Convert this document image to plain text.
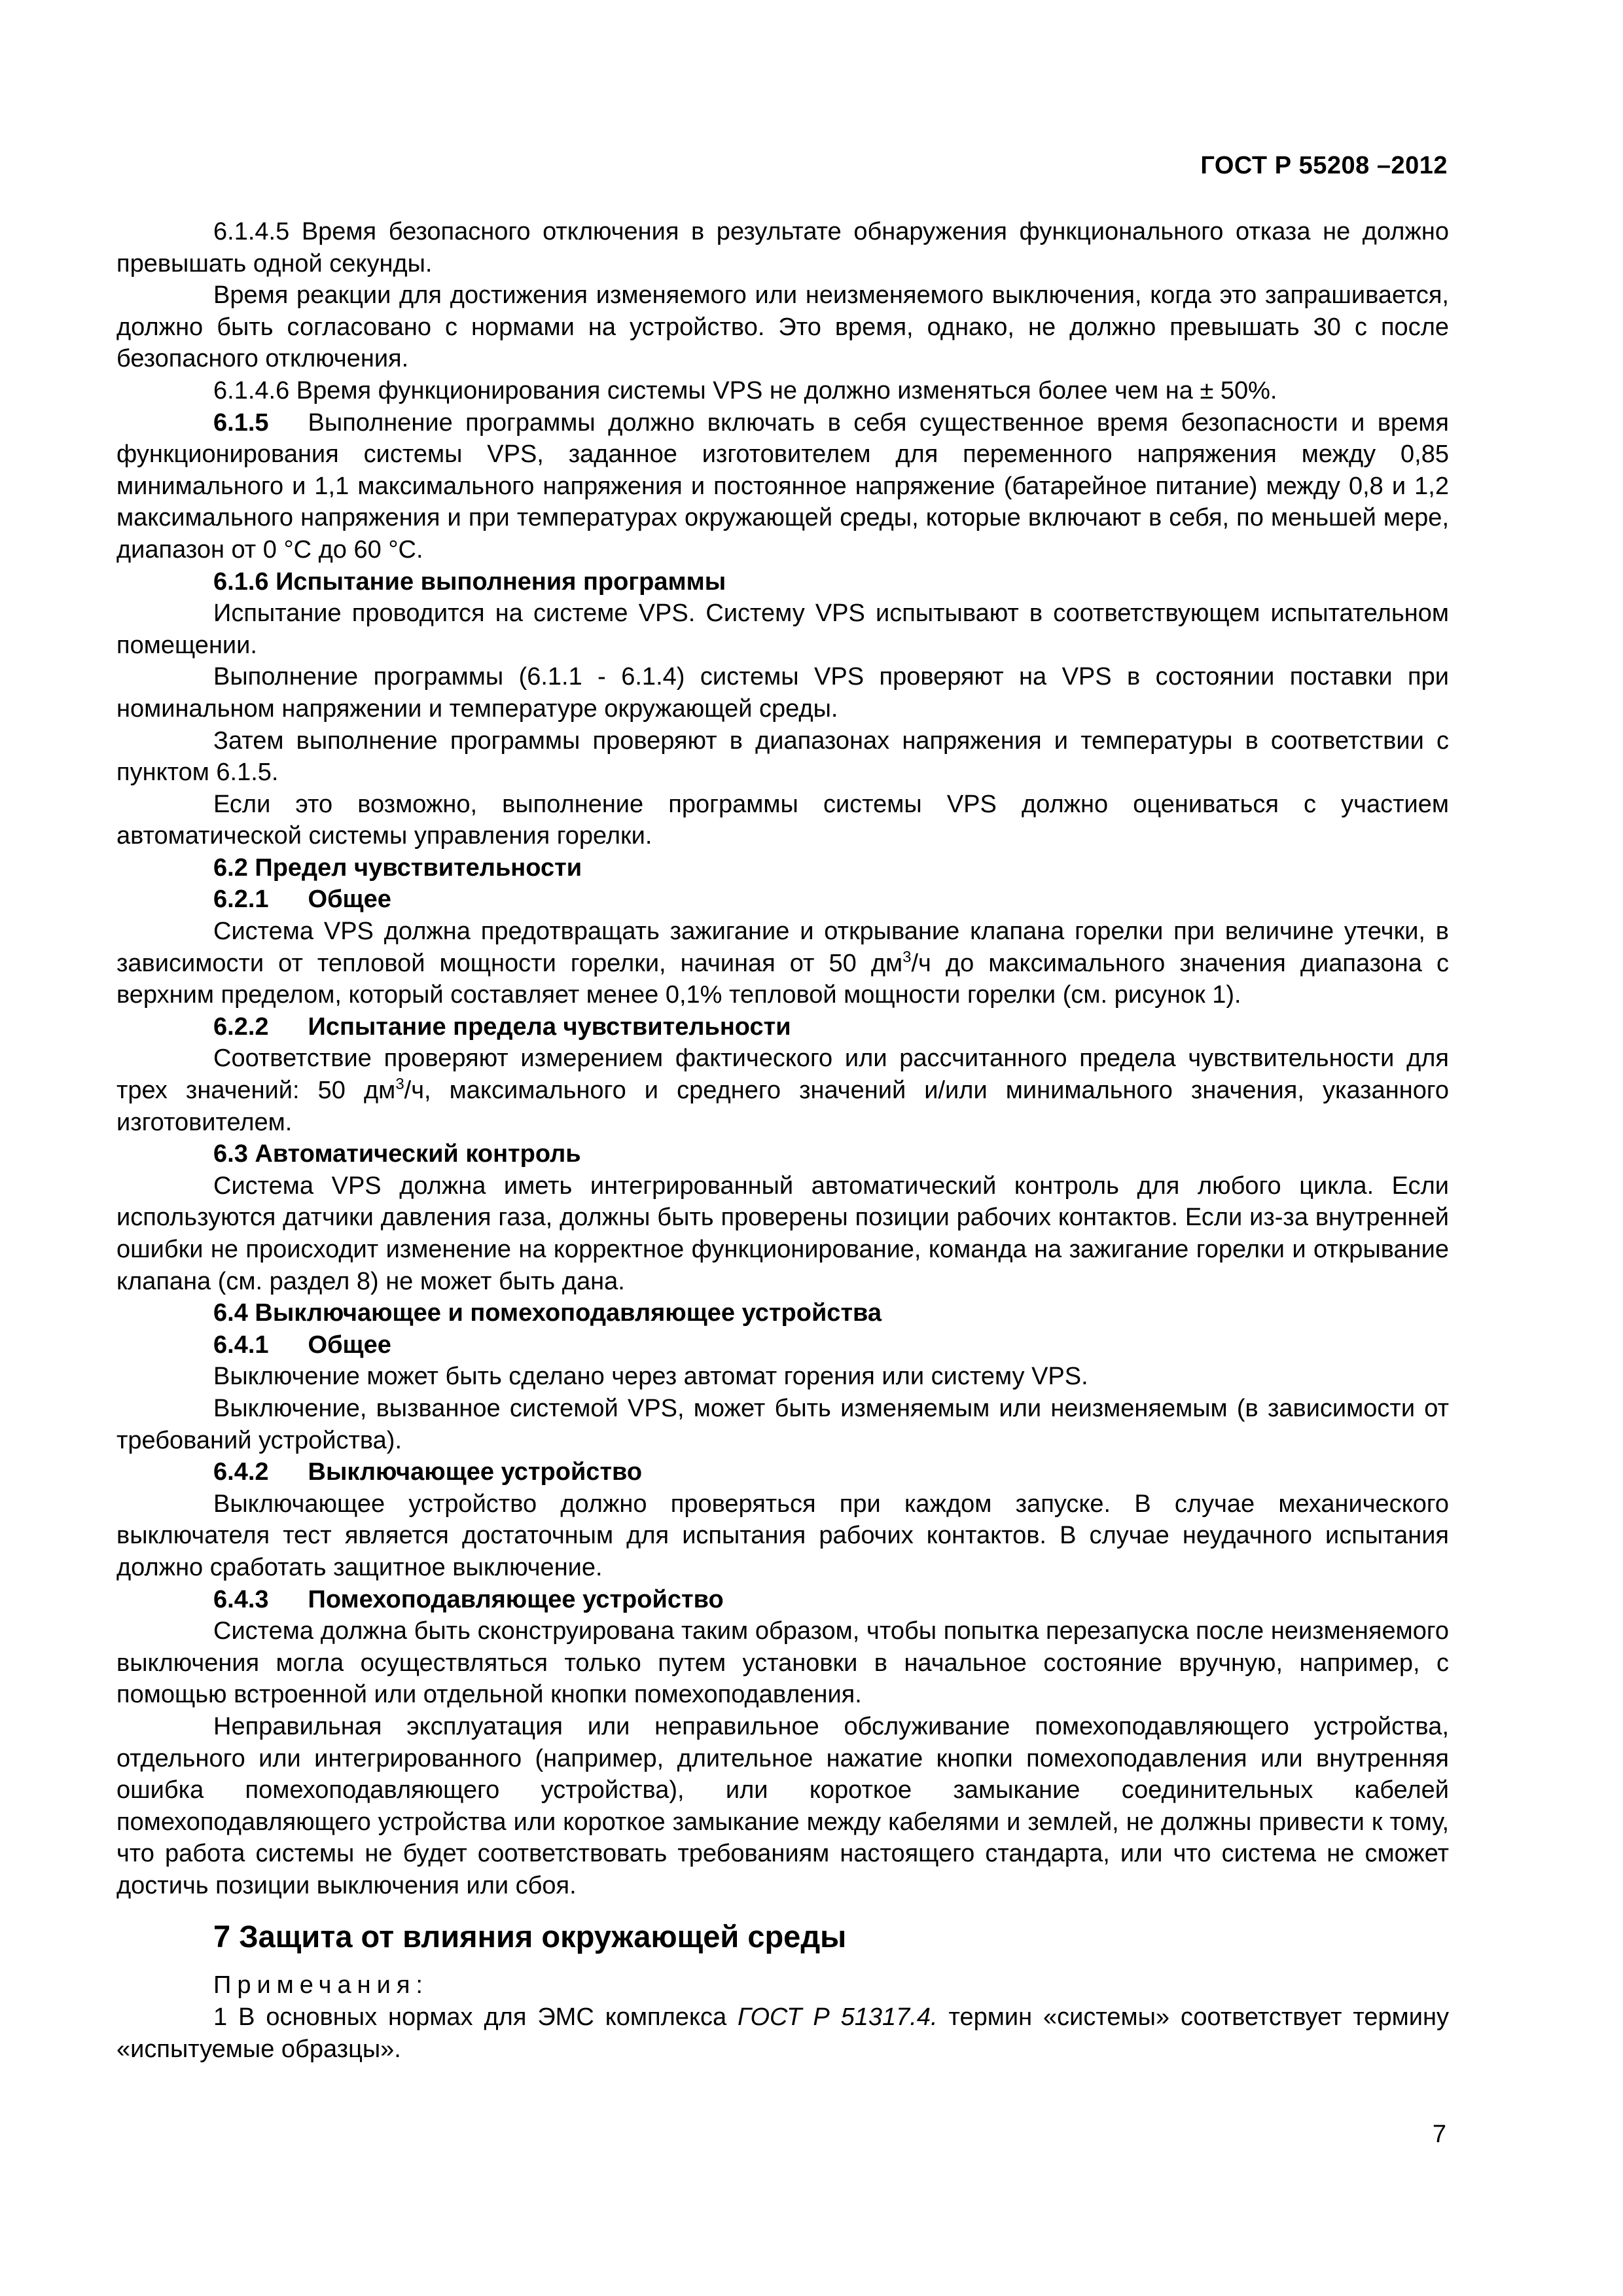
ГОСТ Р 55208 –2012

6.1.4.5 Время безопасного отключения в результате обнаружения функционального отказа не должно превышать одной секунды.

Время реакции для достижения изменяемого или неизменяемого выключения, когда это запрашивается, должно быть согласовано с нормами на устройство. Это время, однако, не должно превышать 30 с после безопасного отключения.

6.1.4.6 Время функционирования системы VPS не должно изменяться более чем на ± 50%.

6.1.5 Выполнение программы должно включать в себя существенное время безопасности и время функционирования системы VPS, заданное изготовителем для переменного напряжения между 0,85 минимального и 1,1 максимального напряжения и постоянное напряжение (батарейное питание) между 0,8 и 1,2 максимального напряжения и при температурах окружающей среды, которые включают в себя, по меньшей мере, диапазон от 0 °С до 60 °С.

6.1.6 Испытание выполнения программы

Испытание проводится на системе VPS. Систему VPS испытывают в соответствующем испытательном помещении.

Выполнение программы (6.1.1 - 6.1.4) системы VPS проверяют на VPS в состоянии поставки при номинальном напряжении и температуре окружающей среды.

Затем выполнение программы проверяют в диапазонах напряжения и температуры в соответствии с пунктом 6.1.5.

Если это возможно, выполнение программы системы VPS должно оцениваться с участием автоматической системы управления горелки.

6.2 Предел чувствительности

6.2.1 Общее

Система VPS должна предотвращать зажигание и открывание клапана горелки при величине утечки, в зависимости от тепловой мощности горелки, начиная от 50 $дм^3/ч$ до максимального значения диапазона с верхним пределом, который составляет менее 0,1% тепловой мощности горелки (см. рисунок 1).

6.2.2 Испытание предела чувствительности

Соответствие проверяют измерением фактического или рассчитанного предела чувствительности для трех значений: 50 $дм^3/ч$, максимального и среднего значений и/или минимального значения, указанного изготовителем.

6.3 Автоматический контроль

Система VPS должна иметь интегрированный автоматический контроль для любого цикла. Если используются датчики давления газа, должны быть проверены позиции рабочих контактов. Если из-за внутренней ошибки не происходит изменение на корректное функционирование, команда на зажигание горелки и открывание клапана (см. раздел 8) не может быть дана.

6.4 Выключающее и помехоподавляющее устройства

6.4.1 Общее

Выключение может быть сделано через автомат горения или систему VPS.

Выключение, вызванное системой VPS, может быть изменяемым или неизменяемым (в зависимости от требований устройства).

6.4.2 Выключающее устройство

Выключающее устройство должно проверяться при каждом запуске. В случае механического выключателя тест является достаточным для испытания рабочих контактов. В случае неудачного испытания должно сработать защитное выключение.

6.4.3 Помехоподавляющее устройство

Система должна быть сконструирована таким образом, чтобы попытка перезапуска после неизменяемого выключения могла осуществляться только путем установки в начальное состояние вручную, например, с помощью встроенной или отдельной кнопки помехоподавления.

Неправильная эксплуатация или неправильное обслуживание помехоподавляющего устройства, отдельного или интегрированного (например, длительное нажатие кнопки помехоподавления или внутренняя ошибка помехоподавляющего устройства), или короткое замыкание соединительных кабелей помехоподавляющего устройства или короткое замыкание между кабелями и землей, не должны привести к тому, что работа системы не будет соответствовать требованиям настоящего стандарта, или что система не сможет достичь позиции выключения или сбоя.

7 Защита от влияния окружающей среды

Примечания:

1 В основных нормах для ЭМС комплекса ГОСТ Р 51317.4. термин «системы» соответствует термину «испытуемые образцы».

7
